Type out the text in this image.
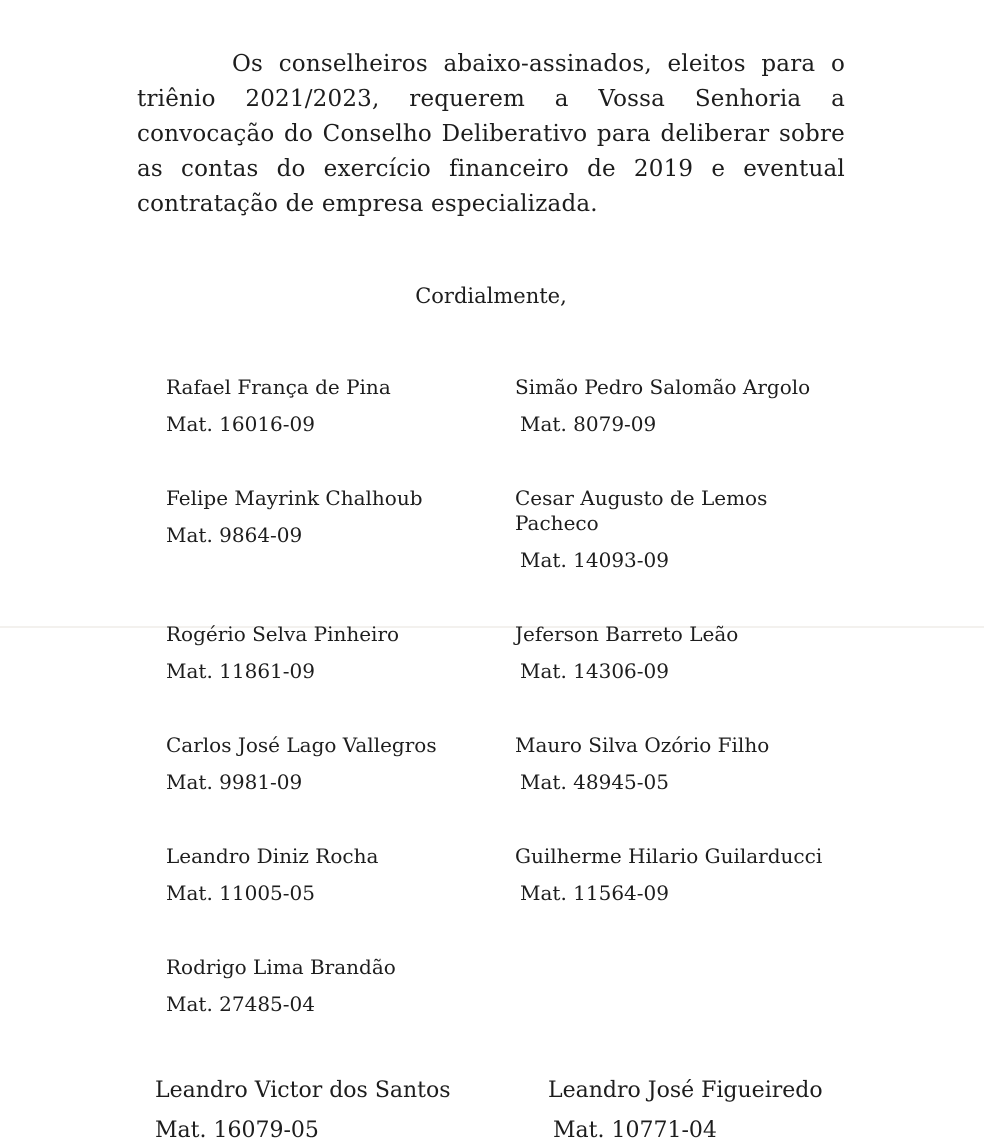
Os conselheiros abaixo-assinados, eleitos para o triênio 2021/2023, requerem a Vossa Senhoria a convocação do Conselho Deliberativo para deliberar sobre as contas do exercício financeiro de 2019 e eventual contratação de empresa especializada.

Cordialmente,
Rafael França de Pina
Mat. 16016-09
Simão Pedro Salomão Argolo
Mat. 8079-09
Felipe Mayrink Chalhoub
Mat. 9864-09
Cesar Augusto de Lemos Pacheco
Mat. 14093-09
Rogério Selva Pinheiro
Mat. 11861-09
Jeferson Barreto Leão
Mat. 14306-09
Carlos José Lago Vallegros
Mat. 9981-09
Mauro Silva Ozório Filho
Mat. 48945-05
Leandro Diniz Rocha
Mat. 11005-05
Guilherme Hilario Guilarducci
Mat. 11564-09
Rodrigo Lima Brandão
Mat. 27485-04
Leandro Victor dos Santos
Mat. 16079-05
Leandro José Figueiredo
Mat. 10771-04
